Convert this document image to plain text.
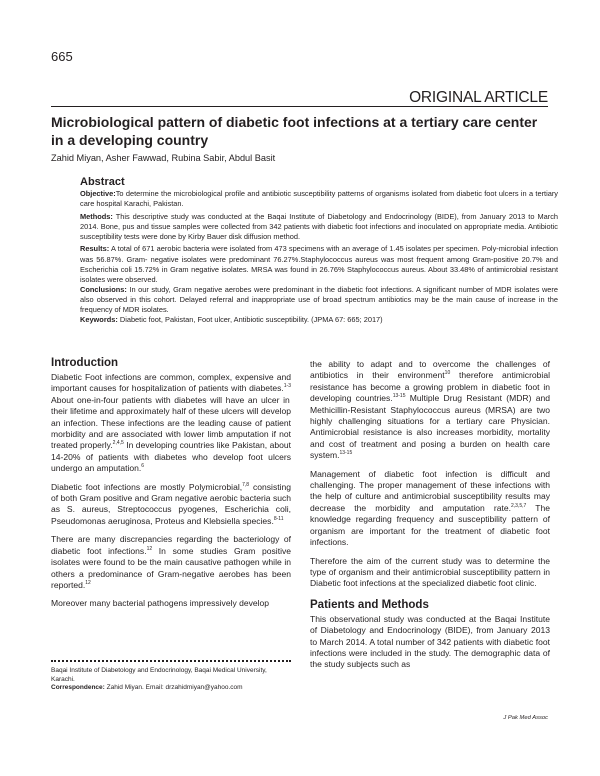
665
ORIGINAL ARTICLE
Microbiological pattern of diabetic foot infections at a tertiary care center in a developing country
Zahid Miyan, Asher Fawwad, Rubina Sabir, Abdul Basit
Abstract

Objective:To determine the microbiological profile and antibiotic susceptibility patterns of organisms isolated from diabetic foot ulcers in a tertiary care hospital Karachi, Pakistan.

Methods: This descriptive study was conducted at the Baqai Institute of Diabetology and Endocrinology (BIDE), from January 2013 to March 2014. Bone, pus and tissue samples were collected from 342 patients with diabetic foot infections and inoculated on appropriate media. Antibiotic susceptibility tests were done by Kirby Bauer disk diffusion method.

Results: A total of 671 aerobic bacteria were isolated from 473 specimens with an average of 1.45 isolates per specimen. Poly-microbial infection was 56.87%. Gram- negative isolates were predominant 76.27%.Staphylococcus aureus was most frequent among Gram-positive 20.7% and Escherichia coli 15.72% in Gram negative isolates. MRSA was found in 26.76% Staphylococcus aureus. About 33.48% of antimicrobial resistant isolates were observed.

Conclusions: In our study, Gram negative aerobes were predominant in the diabetic foot infections. A significant number of MDR isolates were also observed in this cohort. Delayed referral and inappropriate use of broad spectrum antibiotics may be the main cause of increase in the frequency of MDR isolates.

Keywords: Diabetic foot, Pakistan, Foot ulcer, Antibiotic susceptibility. (JPMA 67: 665; 2017)

Introduction

Diabetic Foot infections are common, complex, expensive and important causes for hospitalization of patients with diabetes.$^{1-3}$ About one-in-four patients with diabetes will have an ulcer in their lifetime and approximately half of these ulcers will develop an infection. These infections are the leading cause of patient morbidity and are associated with lower limb amputation if not treated properly.$^{2,4,5}$ In developing countries like Pakistan, about 14-20% of patients with diabetes who develop foot ulcers undergo an amputation.$^6$

Diabetic foot infections are mostly Polymicrobial,$^{7,8}$ consisting of both Gram positive and Gram negative aerobic bacteria such as S. aureus, Streptococcus pyogenes, Escherichia coli, Pseudomonas aeruginosa, Proteus and Klebsiella species.$^{8-11}$

There are many discrepancies regarding the bacteriology of diabetic foot infections.$^{12}$ In some studies Gram positive isolates were found to be the main causative pathogen while in others a predominance of Gram-negative aerobes has been reported.$^{12}$

Moreover many bacterial pathogens impressively develop

the ability to adapt and to overcome the challenges of antibiotics in their environment$^{10}$ therefore antimicrobial resistance has become a growing problem in diabetic foot in developing countries.$^{13-15}$ Multiple Drug Resistant (MDR) and Methicillin-Resistant Staphylococcus aureus (MRSA) are two highly challenging situations for a tertiary care Physician. Antimicrobial resistance is also increases morbidity, mortality and cost of treatment and posing a burden on health care system.$^{13-15}$

Management of diabetic foot infection is difficult and challenging. The proper management of these infections with the help of culture and antimicrobial susceptibility results may decrease the morbidity and amputation rate.$^{2,3,5,7}$ The knowledge regarding frequency and susceptibility pattern of organism are important for the treatment of diabetic foot infections.

Therefore the aim of the current study was to determine the type of organism and their antimicrobial susceptibility pattern in Diabetic foot infections at the specialized diabetic foot clinic.

Patients and Methods

This observational study was conducted at the Baqai Institute of Diabetology and Endocrinology (BIDE), from January 2013 to March 2014. A total number of 342 patients with diabetic foot infections were included in the study. The demographic data of the study subjects such as

Baqai Institute of Diabetology and Endocrinology, Baqai Medical University, Karachi.
Correspondence: Zahid Miyan. Email: drzahidmiyan@yahoo.com
J Pak Med Assoc
